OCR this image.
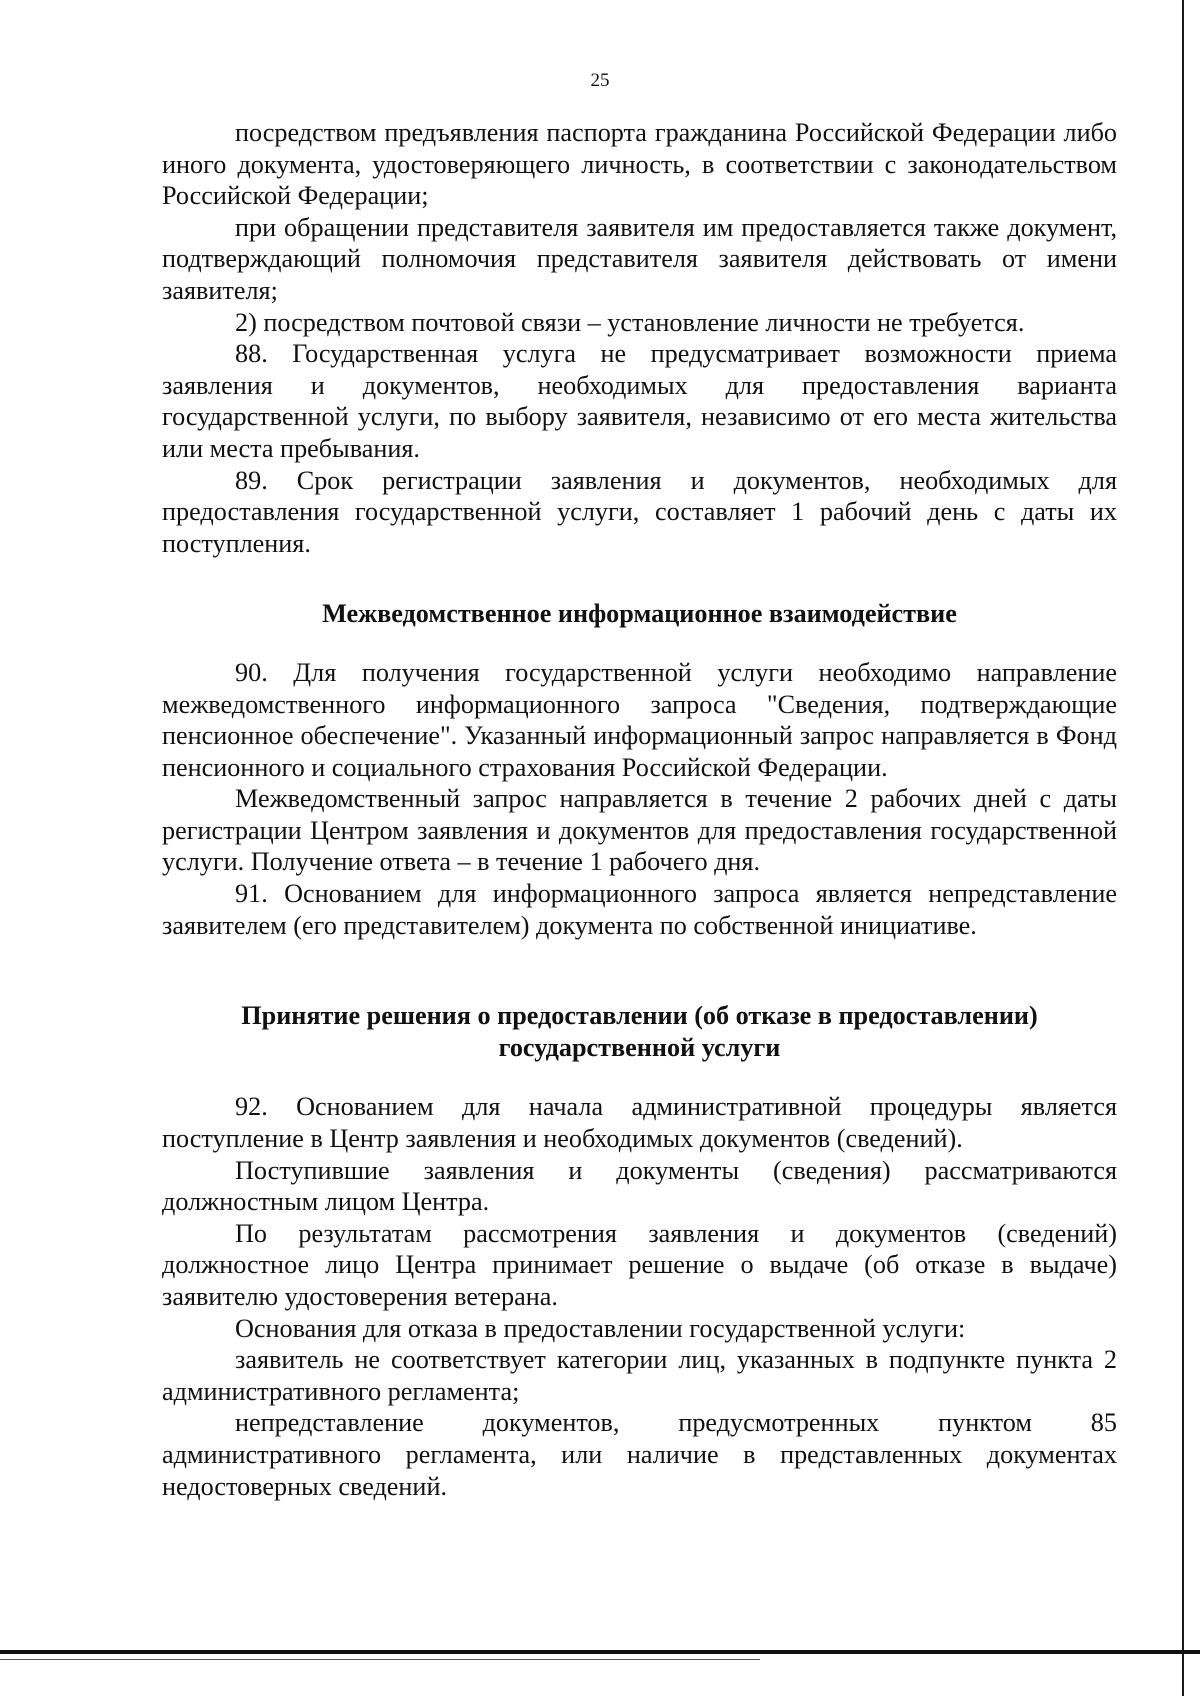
25

посредством предъявления паспорта гражданина Российской Федерации либо иного документа, удостоверяющего личность, в соответствии с законодательством Российской Федерации;

при обращении представителя заявителя им предоставляется также документ, подтверждающий полномочия представителя заявителя действовать от имени заявителя;

2) посредством почтовой связи – установление личности не требуется.

88. Государственная услуга не предусматривает возможности приема заявления и документов, необходимых для предоставления варианта государственной услуги, по выбору заявителя, независимо от его места жительства или места пребывания.

89. Срок регистрации заявления и документов, необходимых для предоставления государственной услуги, составляет 1 рабочий день с даты их поступления.

Межведомственное информационное взаимодействие

90. Для получения государственной услуги необходимо направление межведомственного информационного запроса "Сведения, подтверждающие пенсионное обеспечение". Указанный информационный запрос направляется в Фонд пенсионного и социального страхования Российской Федерации.

Межведомственный запрос направляется в течение 2 рабочих дней с даты регистрации Центром заявления и документов для предоставления государственной услуги. Получение ответа – в течение 1 рабочего дня.

91. Основанием для информационного запроса является непредставление заявителем (его представителем) документа по собственной инициативе.

Принятие решения о предоставлении (об отказе в предоставлении)
государственной услуги

92. Основанием для начала административной процедуры является поступление в Центр заявления и необходимых документов (сведений).

Поступившие заявления и документы (сведения) рассматриваются должностным лицом Центра.

По результатам рассмотрения заявления и документов (сведений) должностное лицо Центра принимает решение о выдаче (об отказе в выдаче) заявителю удостоверения ветерана.

Основания для отказа в предоставлении государственной услуги:

заявитель не соответствует категории лиц, указанных в подпункте пункта 2 административного регламента;

непредставление документов, предусмотренных пунктом 85 административного регламента, или наличие в представленных документах недостоверных сведений.
